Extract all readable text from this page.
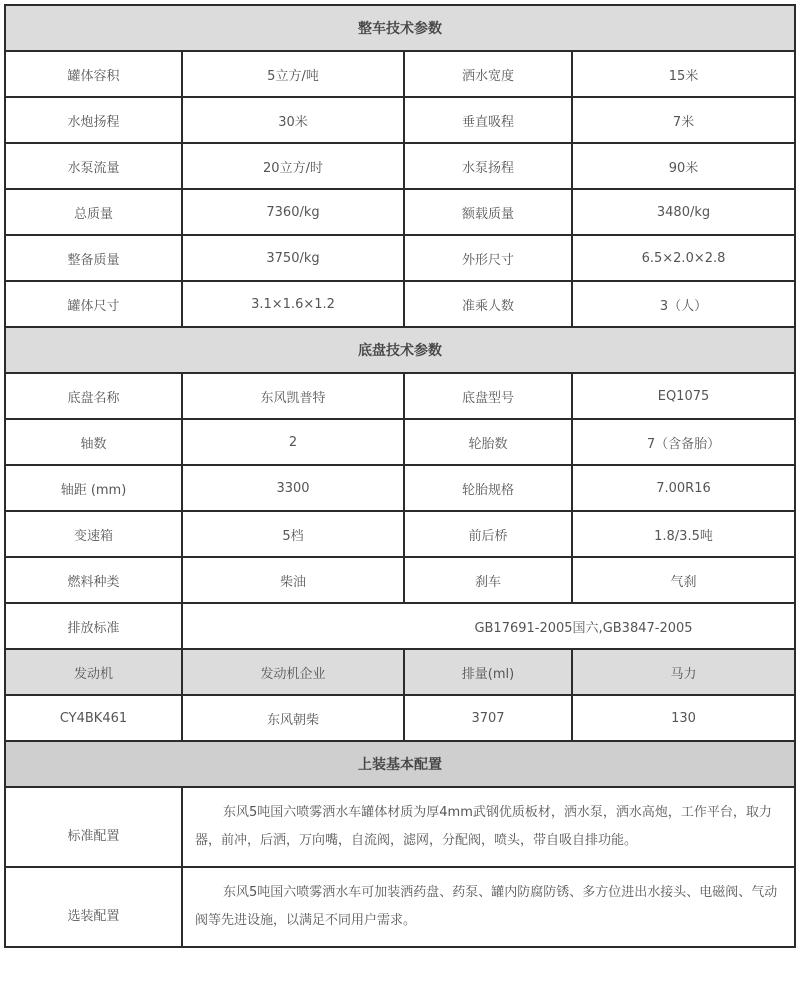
整车技术参数			
罐体容积	5立方/吨	洒水宽度	15米
水炮扬程	30米	垂直吸程	7米
水泵流量	20立方/时	水泵扬程	90米
总质量	7360/kg	额载质量	3480/kg
整备质量	3750/kg	外形尺寸	6.5×2.0×2.8
罐体尺寸	3.1×1.6×1.2	准乘人数	3（人）
底盘技术参数			
底盘名称	东风凯普特	底盘型号	EQ1075
轴数	2	轮胎数	7（含备胎）
轴距 (mm)	3300	轮胎规格	7.00R16
变速箱	5档	前后桥	1.8/3.5吨
燃料种类	柴油	刹车	气刹
排放标准	GB17691-2005国六,GB3847-2005		
发动机	发动机企业	排量(ml)	马力
CY4BK461	东风朝柴	3707	130
上装基本配置			
标准配置	东风5吨国六喷雾洒水车罐体材质为厚4mm武钢优质板材，洒水泵，洒水高炮，工作平台，取力器，前冲，后洒，万向嘴，自流阀，滤网，分配阀，喷头，带自吸自排功能。		
选装配置	东风5吨国六喷雾洒水车可加装洒药盘、药泵、罐内防腐防锈、多方位进出水接头、电磁阀、气动阀等先进设施，以满足不同用户需求。		
